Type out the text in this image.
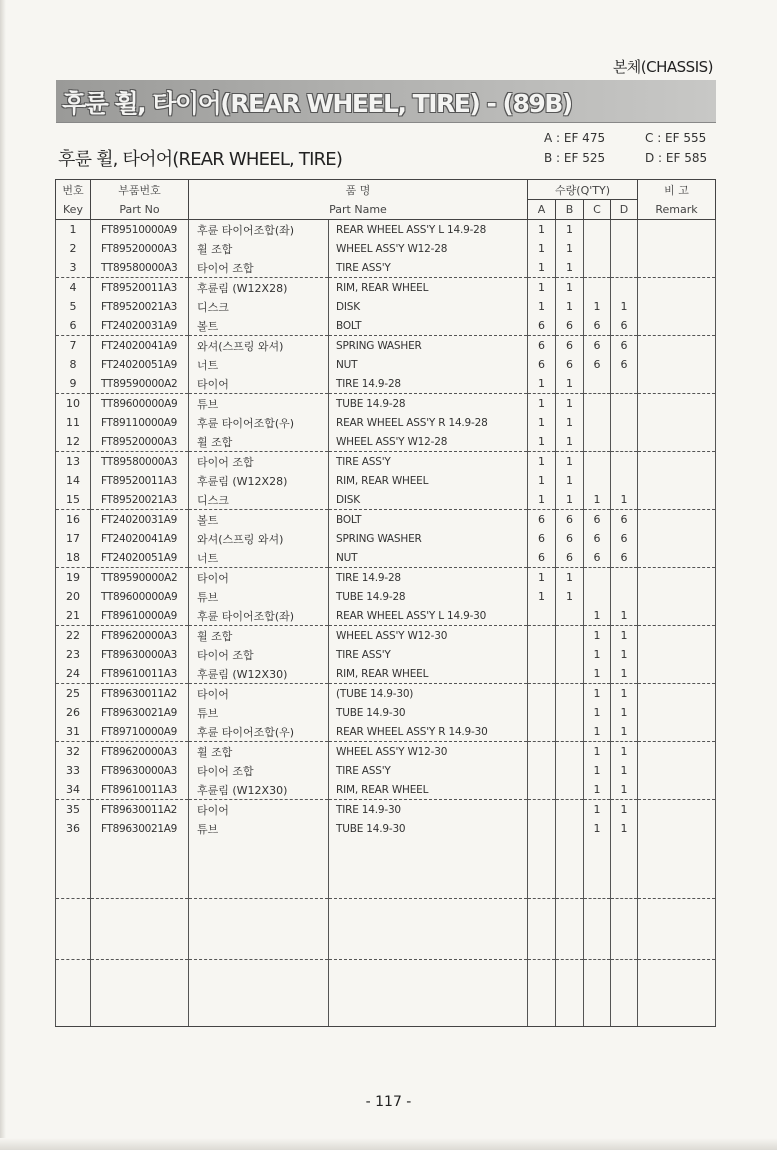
본체(CHASSIS)
후륜 휠, 타이어(REAR WHEEL, TIRE) - (89B)
후륜 휠, 타어어(REAR WHEEL, TIRE)
A : EF 475
B : EF 525
C : EF 555
D : EF 585
번호	부품번호	품 명		수량(Q'TY)				비 고
Key	Part No	Part Name		A	B	C	D	Remark
1	FT89510000A9	후륜 타이어조합(좌)	REAR WHEEL ASS'Y L 14.9-28	1	1			
2	FT89520000A3	휠 조합	WHEEL ASS'Y W12-28	1	1			
3	TT89580000A3	타이어 조합	TIRE ASS'Y	1	1			
4	FT89520011A3	후륜림 (W12X28)	RIM, REAR WHEEL	1	1			
5	FT89520021A3	디스크	DISK	1	1	1	1	
6	FT24020031A9	볼트	BOLT	6	6	6	6	
7	FT24020041A9	와셔(스프링 와셔)	SPRING WASHER	6	6	6	6	
8	FT24020051A9	너트	NUT	6	6	6	6	
9	TT89590000A2	타이어	TIRE 14.9-28	1	1			
10	TT89600000A9	튜브	TUBE 14.9-28	1	1			
11	FT89110000A9	후륜 타이어조합(우)	REAR WHEEL ASS'Y R 14.9-28	1	1			
12	FT89520000A3	휠 조합	WHEEL ASS'Y W12-28	1	1			
13	TT89580000A3	타이어 조합	TIRE ASS'Y	1	1			
14	FT89520011A3	후륜림 (W12X28)	RIM, REAR WHEEL	1	1			
15	FT89520021A3	디스크	DISK	1	1	1	1	
16	FT24020031A9	볼트	BOLT	6	6	6	6	
17	FT24020041A9	와셔(스프링 와셔)	SPRING WASHER	6	6	6	6	
18	FT24020051A9	너트	NUT	6	6	6	6	
19	TT89590000A2	타이어	TIRE 14.9-28	1	1			
20	TT89600000A9	튜브	TUBE 14.9-28	1	1			
21	FT89610000A9	후륜 타이어조합(좌)	REAR WHEEL ASS'Y L 14.9-30			1	1	
22	FT89620000A3	휠 조합	WHEEL ASS'Y W12-30			1	1	
23	FT89630000A3	타이어 조합	TIRE ASS'Y			1	1	
24	FT89610011A3	후륜림 (W12X30)	RIM, REAR WHEEL			1	1	
25	FT89630011A2	타이어	(TUBE 14.9-30)			1	1	
26	FT89630021A9	튜브	TUBE 14.9-30			1	1	
31	FT89710000A9	후륜 타이어조합(우)	REAR WHEEL ASS'Y R 14.9-30			1	1	
32	FT89620000A3	휠 조합	WHEEL ASS'Y W12-30			1	1	
33	FT89630000A3	타이어 조합	TIRE ASS'Y			1	1	
34	FT89610011A3	후륜림 (W12X30)	RIM, REAR WHEEL			1	1	
35	FT89630011A2	타이어	TIRE 14.9-30			1	1	
36	FT89630021A9	튜브	TUBE 14.9-30			1	1	

- 117 -
